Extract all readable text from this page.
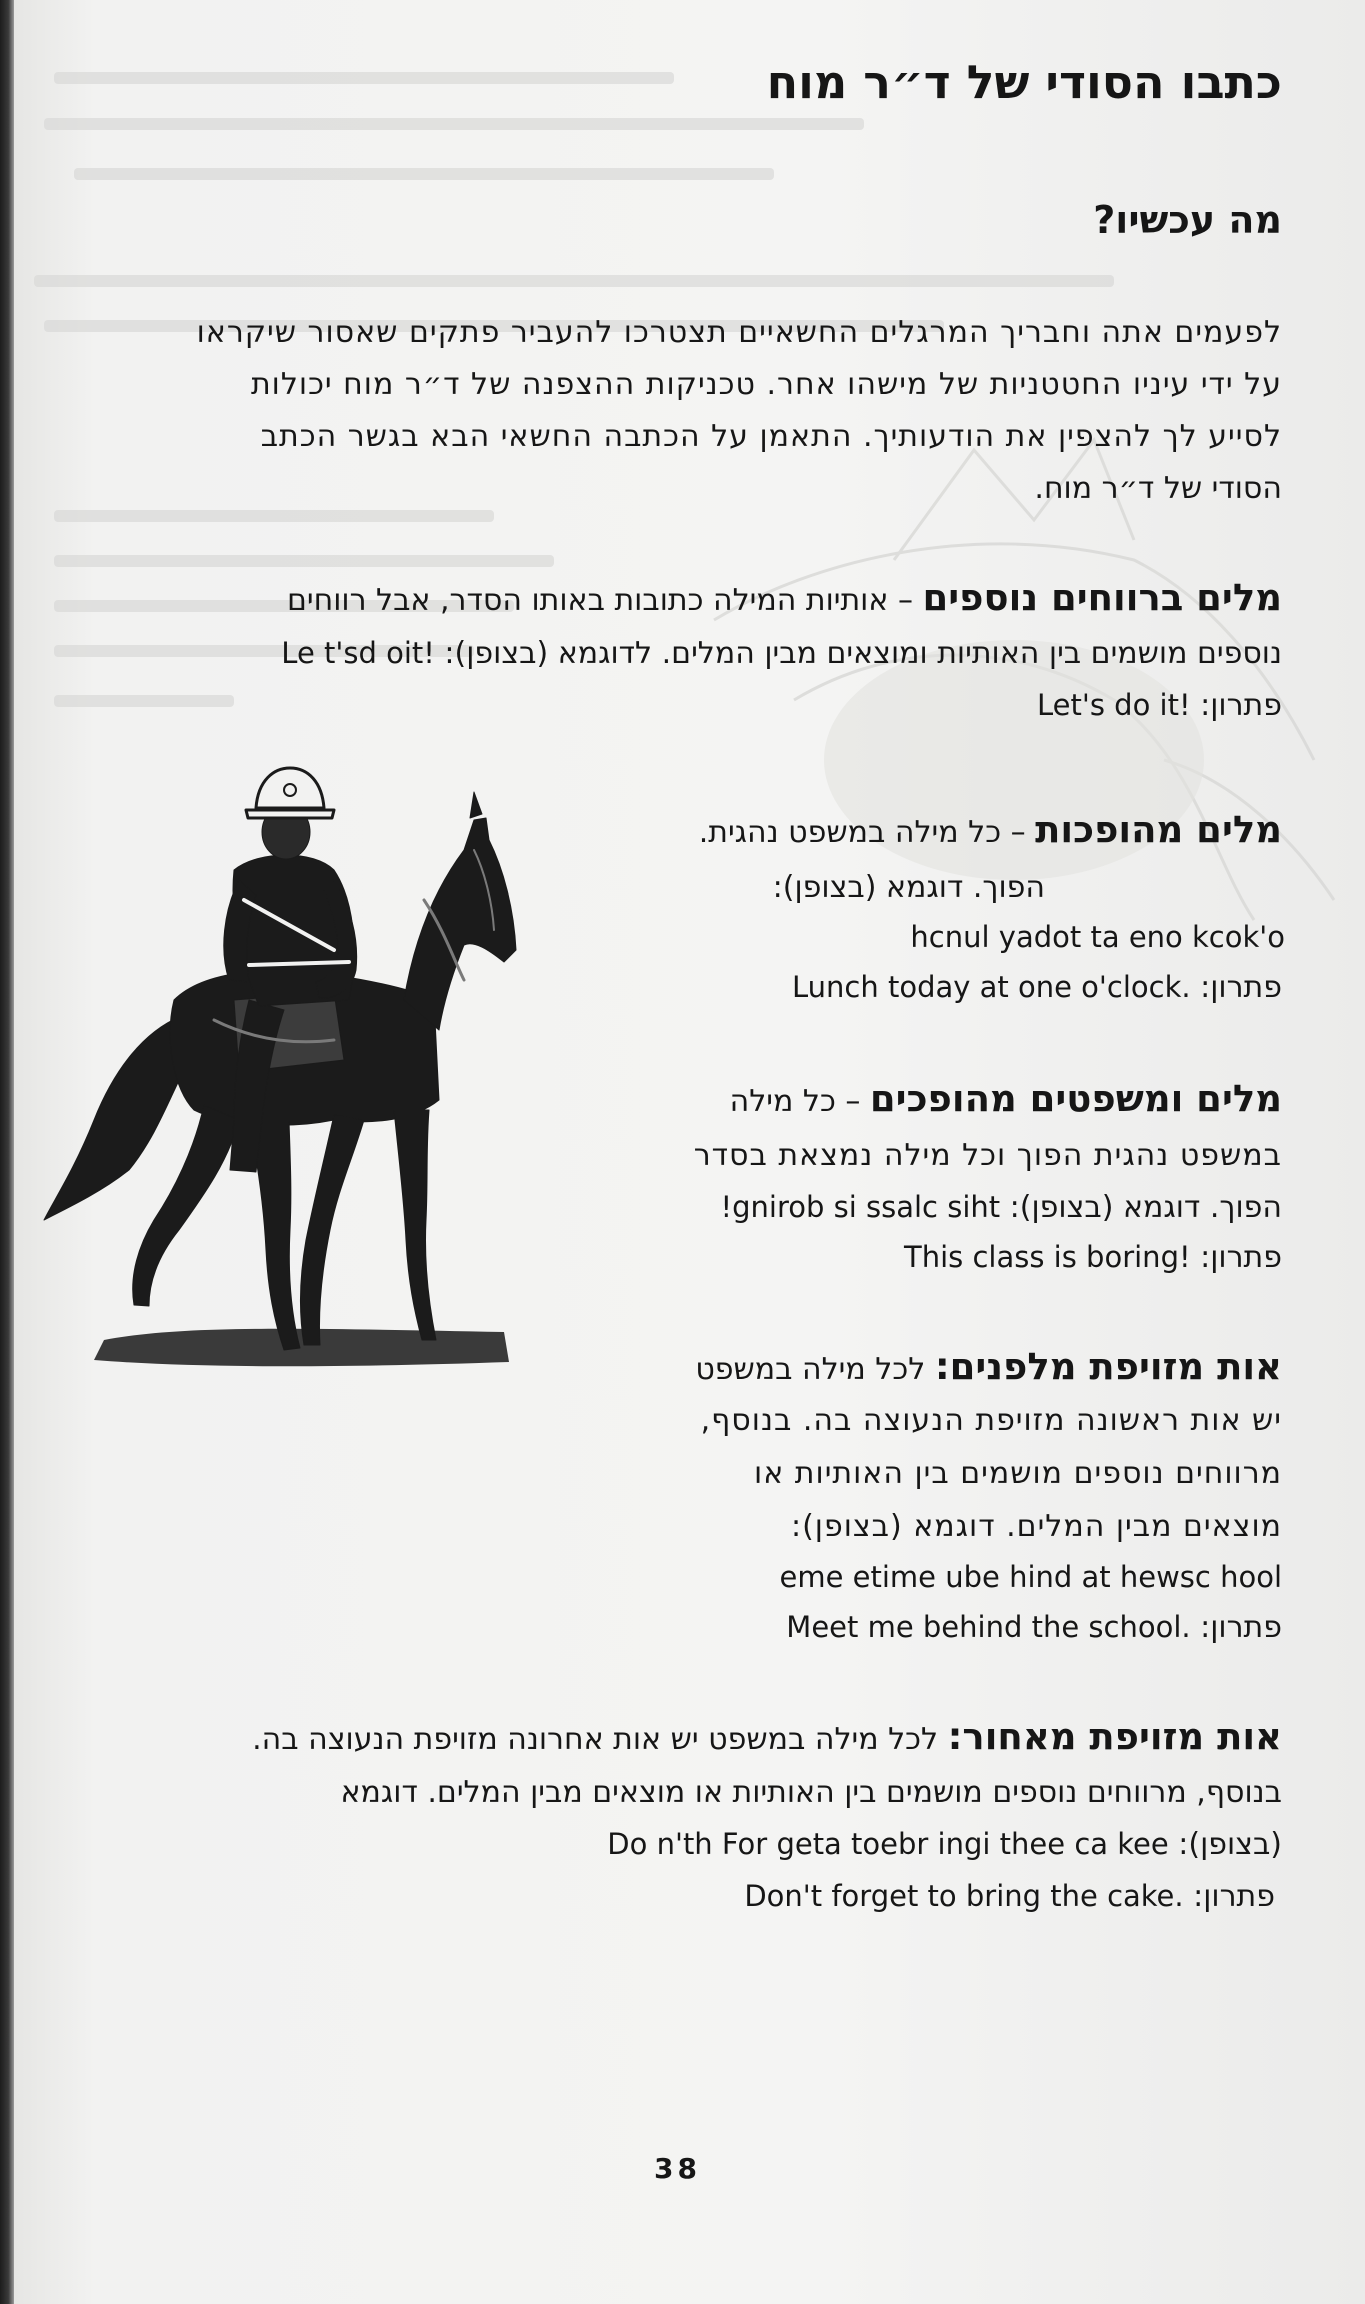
כתבו הסודי של ד״ר מוח
מה עכשיו?
לפעמים אתה וחבריך המרגלים החשאיים תצטרכו להעביר פתקים שאסור שיקראו
על ידי עיניו החטטניות של מישהו אחר. טכניקות ההצפנה של ד״ר מוח יכולות
לסייע לך להצפין את הודעותיך. התאמן על הכתבה החשאי הבא בגשר הכתב
הסודי של ד״ר מוח.
מלים ברווחים נוספים – אותיות המילה כתובות באותו הסדר, אבל רווחים
נוספים מושמים בין האותיות ומוצאים מבין המלים. לדוגמא (בצופן): Le t'sd oit!
פתרון: Let's do it!
מלים מהופכות – כל מילה במשפט נהגית.
הפוך. דוגמא (בצופן):
hcnul yadot ta eno kcok'o
פתרון: Lunch today at one o'clock.
מלים ומשפטים מהופכים – כל מילה
במשפט נהגית הפוך וכל מילה נמצאת בסדר
הפוך. דוגמא (בצופן): !gnirob si ssalc siht
פתרון: This class is boring!
אות מזויפת מלפנים: לכל מילה במשפט
יש אות ראשונה מזויפת הנעוצה בה. בנוסף,
מרווחים נוספים מושמים בין האותיות או
מוצאים מבין המלים. דוגמא (בצופן):
eme etime ube hind at hewsc hool
פתרון: Meet me behind the school.
אות מזויפת מאחור: לכל מילה במשפט יש אות אחרונה מזויפת הנעוצה בה.
בנוסף, מרווחים נוספים מושמים בין האותיות או מוצאים מבין המלים. דוגמא
(בצופן): Do n'th For geta toebr ingi thee ca kee
פתרון: Don't forget to bring the cake.
38
